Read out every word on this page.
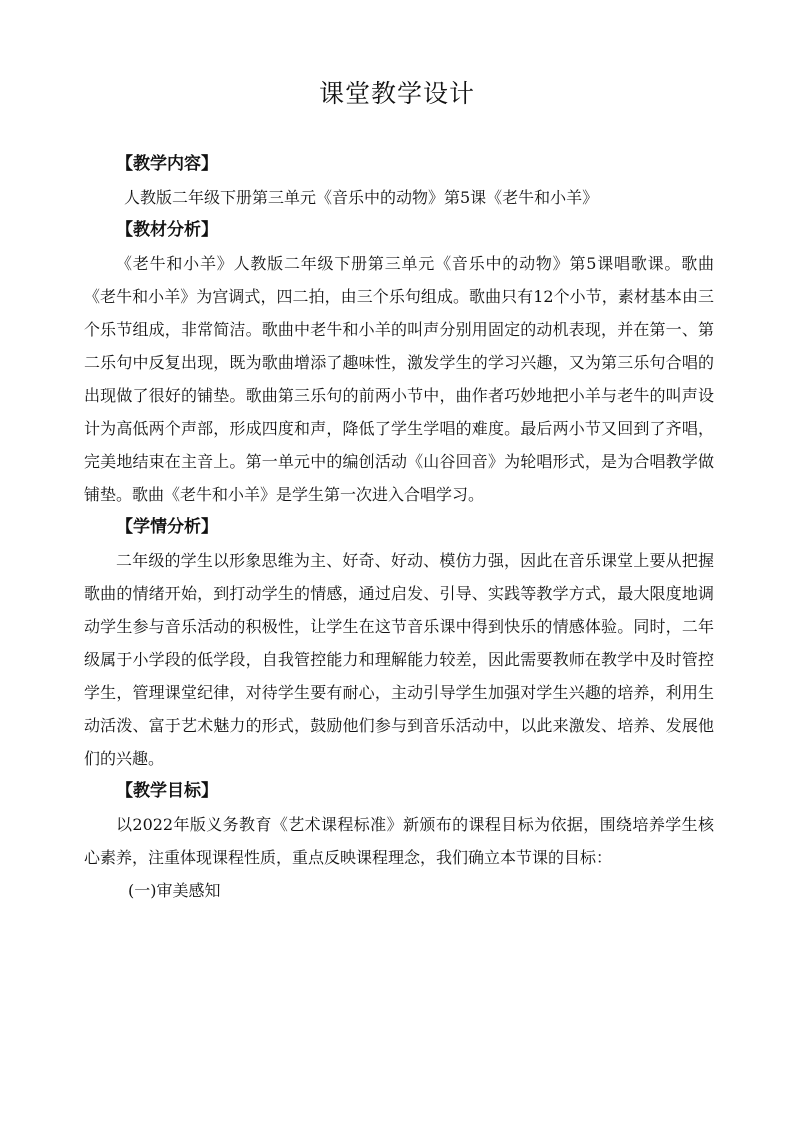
课堂教学设计
【教学内容】
人教版二年级下册第三单元《音乐中的动物》第5课《老牛和小羊》
【教材分析】

《老牛和小羊》人教版二年级下册第三单元《音乐中的动物》第5课唱歌课。歌曲《老牛和小羊》为宫调式，四二拍，由三个乐句组成。歌曲只有12个小节，素材基本由三个乐节组成，非常简洁。歌曲中老牛和小羊的叫声分别用固定的动机表现，并在第一、第二乐句中反复出现，既为歌曲增添了趣味性，激发学生的学习兴趣，又为第三乐句合唱的出现做了很好的铺垫。歌曲第三乐句的前两小节中，曲作者巧妙地把小羊与老牛的叫声设计为高低两个声部，形成四度和声，降低了学生学唱的难度。最后两小节又回到了齐唱，完美地结束在主音上。第一单元中的编创活动《山谷回音》为轮唱形式，是为合唱教学做铺垫。歌曲《老牛和小羊》是学生第一次进入合唱学习。

【学情分析】

二年级的学生以形象思维为主、好奇、好动、模仿力强，因此在音乐课堂上要从把握歌曲的情绪开始，到打动学生的情感，通过启发、引导、实践等教学方式，最大限度地调动学生参与音乐活动的积极性，让学生在这节音乐课中得到快乐的情感体验。同时，二年级属于小学段的低学段，自我管控能力和理解能力较差，因此需要教师在教学中及时管控学生，管理课堂纪律，对待学生要有耐心，主动引导学生加强对学生兴趣的培养，利用生动活泼、富于艺术魅力的形式，鼓励他们参与到音乐活动中，以此来激发、培养、发展他们的兴趣。

【教学目标】

以2022年版义务教育《艺术课程标准》新颁布的课程目标为依据，围绕培养学生核心素养，注重体现课程性质，重点反映课程理念，我们确立本节课的目标：

(一)审美感知
